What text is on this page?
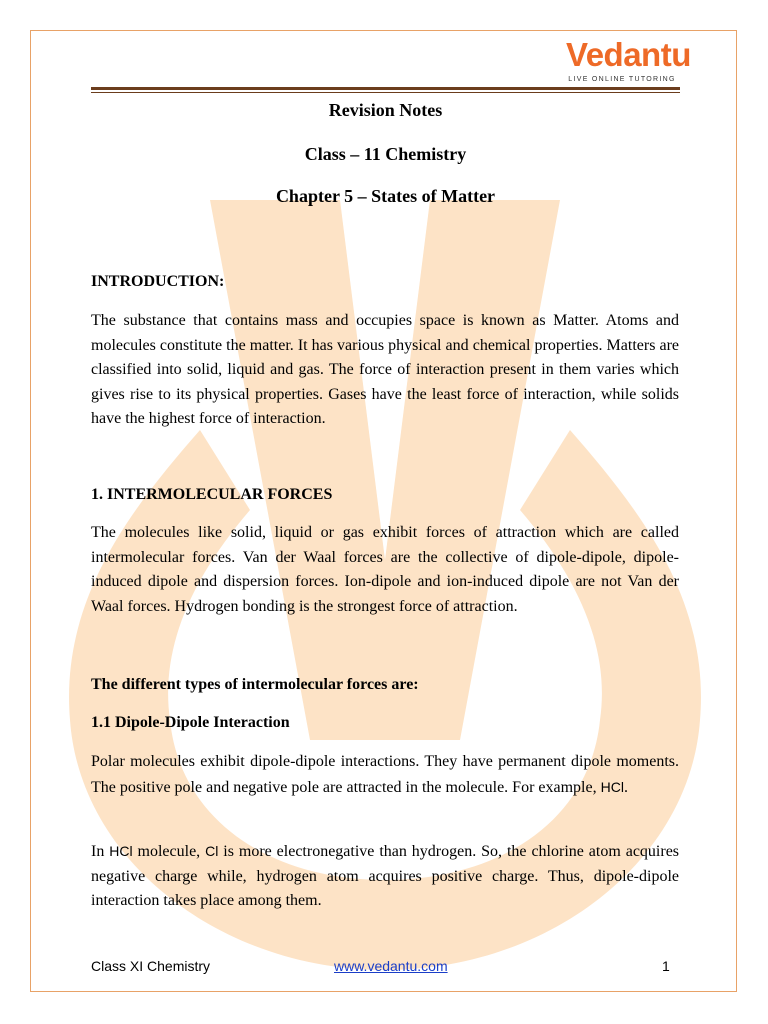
Vedantu
LIVE ONLINE TUTORING
Revision Notes
Class – 11 Chemistry
Chapter 5 – States of Matter
INTRODUCTION:

The substance that contains mass and occupies space is known as Matter. Atoms and molecules constitute the matter. It has various physical and chemical properties. Matters are classified into solid, liquid and gas. The force of interaction present in them varies which gives rise to its physical properties. Gases have the least force of interaction, while solids have the highest force of interaction.

1. INTERMOLECULAR FORCES

The molecules like solid, liquid or gas exhibit forces of attraction which are called intermolecular forces. Van der Waal forces are the collective of dipole-dipole, dipole-induced dipole and dispersion forces. Ion-dipole and ion-induced dipole are not Van der Waal forces. Hydrogen bonding is the strongest force of attraction.

The different types of intermolecular forces are:
1.1 Dipole-Dipole Interaction

Polar molecules exhibit dipole-dipole interactions. They have permanent dipole moments. The positive pole and negative pole are attracted in the molecule. For example, HCl.

In HCl molecule, Cl is more electronegative than hydrogen. So, the chlorine atom acquires negative charge while, hydrogen atom acquires positive charge. Thus, dipole-dipole interaction takes place among them.

Class XI Chemistry	www.vedantu.com	1
